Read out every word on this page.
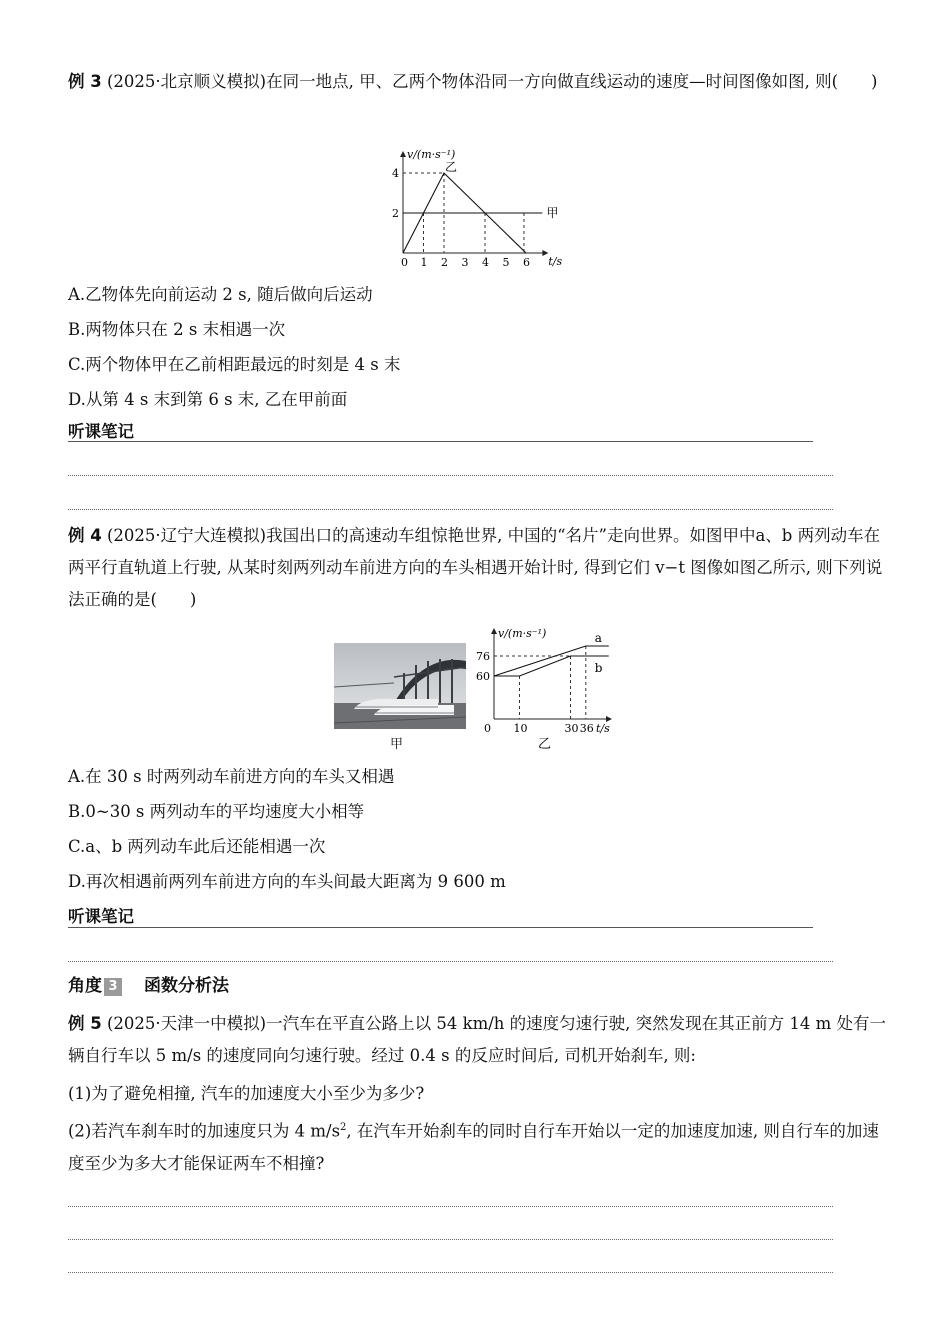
例 3 (2025·北京顺义模拟)在同一地点, 甲、乙两个物体沿同一方向做直线运动的速度—时间图像如图, 则(　　)
v/(m·s⁻¹)
t/s
0 1 2 3 4 5 6
2
4
甲
乙
A.乙物体先向前运动 2 s, 随后做向后运动
B.两物体只在 2 s 末相遇一次
C.两个物体甲在乙前相距最远的时刻是 4 s 末
D.从第 4 s 末到第 6 s 末, 乙在甲前面
听课笔记
例 4 (2025·辽宁大连模拟)我国出口的高速动车组惊艳世界, 中国的“名片”走向世界。如图甲中a、b 两列动车在两平行直轨道上行驶, 从某时刻两列动车前进方向的车头相遇开始计时, 得到它们 v−t 图像如图乙所示, 则下列说法正确的是(　　)
甲
v/(m·s⁻¹)
t/s
0 10	30 36
60
76
a
b
乙
A.在 30 s 时两列动车前进方向的车头又相遇
B.0~30 s 两列动车的平均速度大小相等
C.a、b 两列动车此后还能相遇一次
D.再次相遇前两列车前进方向的车头间最大距离为 9 600 m
听课笔记
角度 3 函数分析法
例 5 (2025·天津一中模拟)一汽车在平直公路上以 54 km/h 的速度匀速行驶, 突然发现在其正前方 14 m 处有一辆自行车以 5 m/s 的速度同向匀速行驶。经过 0.4 s 的反应时间后, 司机开始刹车, 则:
(1)为了避免相撞, 汽车的加速度大小至少为多少?
(2)若汽车刹车时的加速度只为 4 $m/s^2$, 在汽车开始刹车的同时自行车开始以一定的加速度加速, 则自行车的加速度至少为多大才能保证两车不相撞?
